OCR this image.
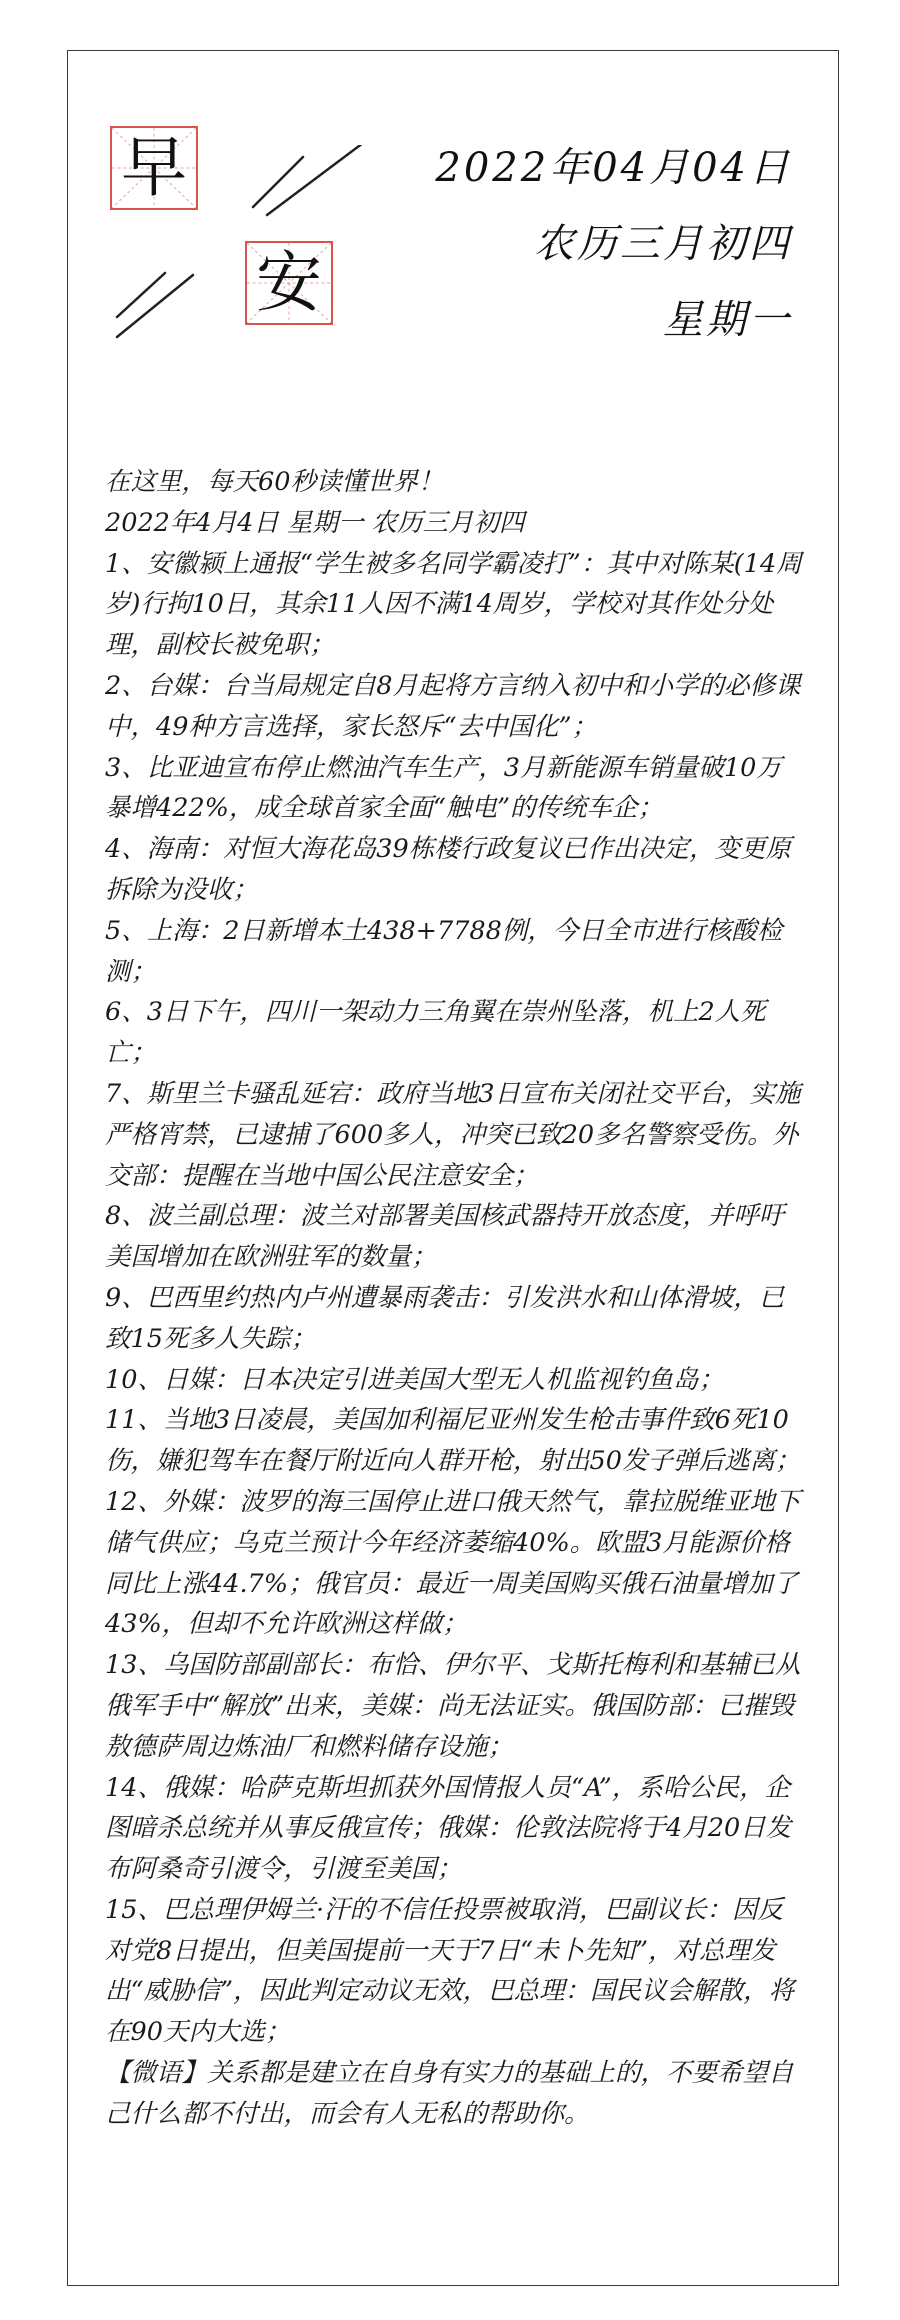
早
安
2022年04月04日
农历三月初四
星期一

在这里，每天60秒读懂世界！

2022年4月4日 星期一 农历三月初四

1、安徽颍上通报“学生被多名同学霸凌打”：其中对陈某(14周岁)行拘10日，其余11人因不满14周岁，学校对其作处分处理，副校长被免职；

2、台媒：台当局规定自8月起将方言纳入初中和小学的必修课中，49种方言选择，家长怒斥“去中国化”；

3、比亚迪宣布停止燃油汽车生产，3月新能源车销量破10万暴增422%，成全球首家全面“触电”的传统车企；

4、海南：对恒大海花岛39栋楼行政复议已作出决定，变更原拆除为没收；

5、上海：2日新增本土438+7788例，今日全市进行核酸检测；

6、3日下午，四川一架动力三角翼在崇州坠落，机上2人死亡；

7、斯里兰卡骚乱延宕：政府当地3日宣布关闭社交平台，实施严格宵禁，已逮捕了600多人，冲突已致20多名警察受伤。外交部：提醒在当地中国公民注意安全；

8、波兰副总理：波兰对部署美国核武器持开放态度，并呼吁美国增加在欧洲驻军的数量；

9、巴西里约热内卢州遭暴雨袭击：引发洪水和山体滑坡，已致15死多人失踪；

10、日媒：日本决定引进美国大型无人机监视钓鱼岛；

11、当地3日凌晨，美国加利福尼亚州发生枪击事件致6死10伤，嫌犯驾车在餐厅附近向人群开枪，射出50发子弹后逃离；

12、外媒：波罗的海三国停止进口俄天然气，靠拉脱维亚地下储气供应；乌克兰预计今年经济萎缩40%。欧盟3月能源价格同比上涨44.7%；俄官员：最近一周美国购买俄石油量增加了43%，但却不允许欧洲这样做；

13、乌国防部副部长：布恰、伊尔平、戈斯托梅利和基辅已从俄军手中“解放”出来，美媒：尚无法证实。俄国防部：已摧毁敖德萨周边炼油厂和燃料储存设施；

14、俄媒：哈萨克斯坦抓获外国情报人员“A”，系哈公民，企图暗杀总统并从事反俄宣传；俄媒：伦敦法院将于4月20日发布阿桑奇引渡令，引渡至美国；

15、巴总理伊姆兰·汗的不信任投票被取消，巴副议长：因反对党8日提出，但美国提前一天于7日“未卜先知”，对总理发出“威胁信”，因此判定动议无效，巴总理：国民议会解散，将在90天内大选；

【微语】关系都是建立在自身有实力的基础上的，不要希望自己什么都不付出，而会有人无私的帮助你。
